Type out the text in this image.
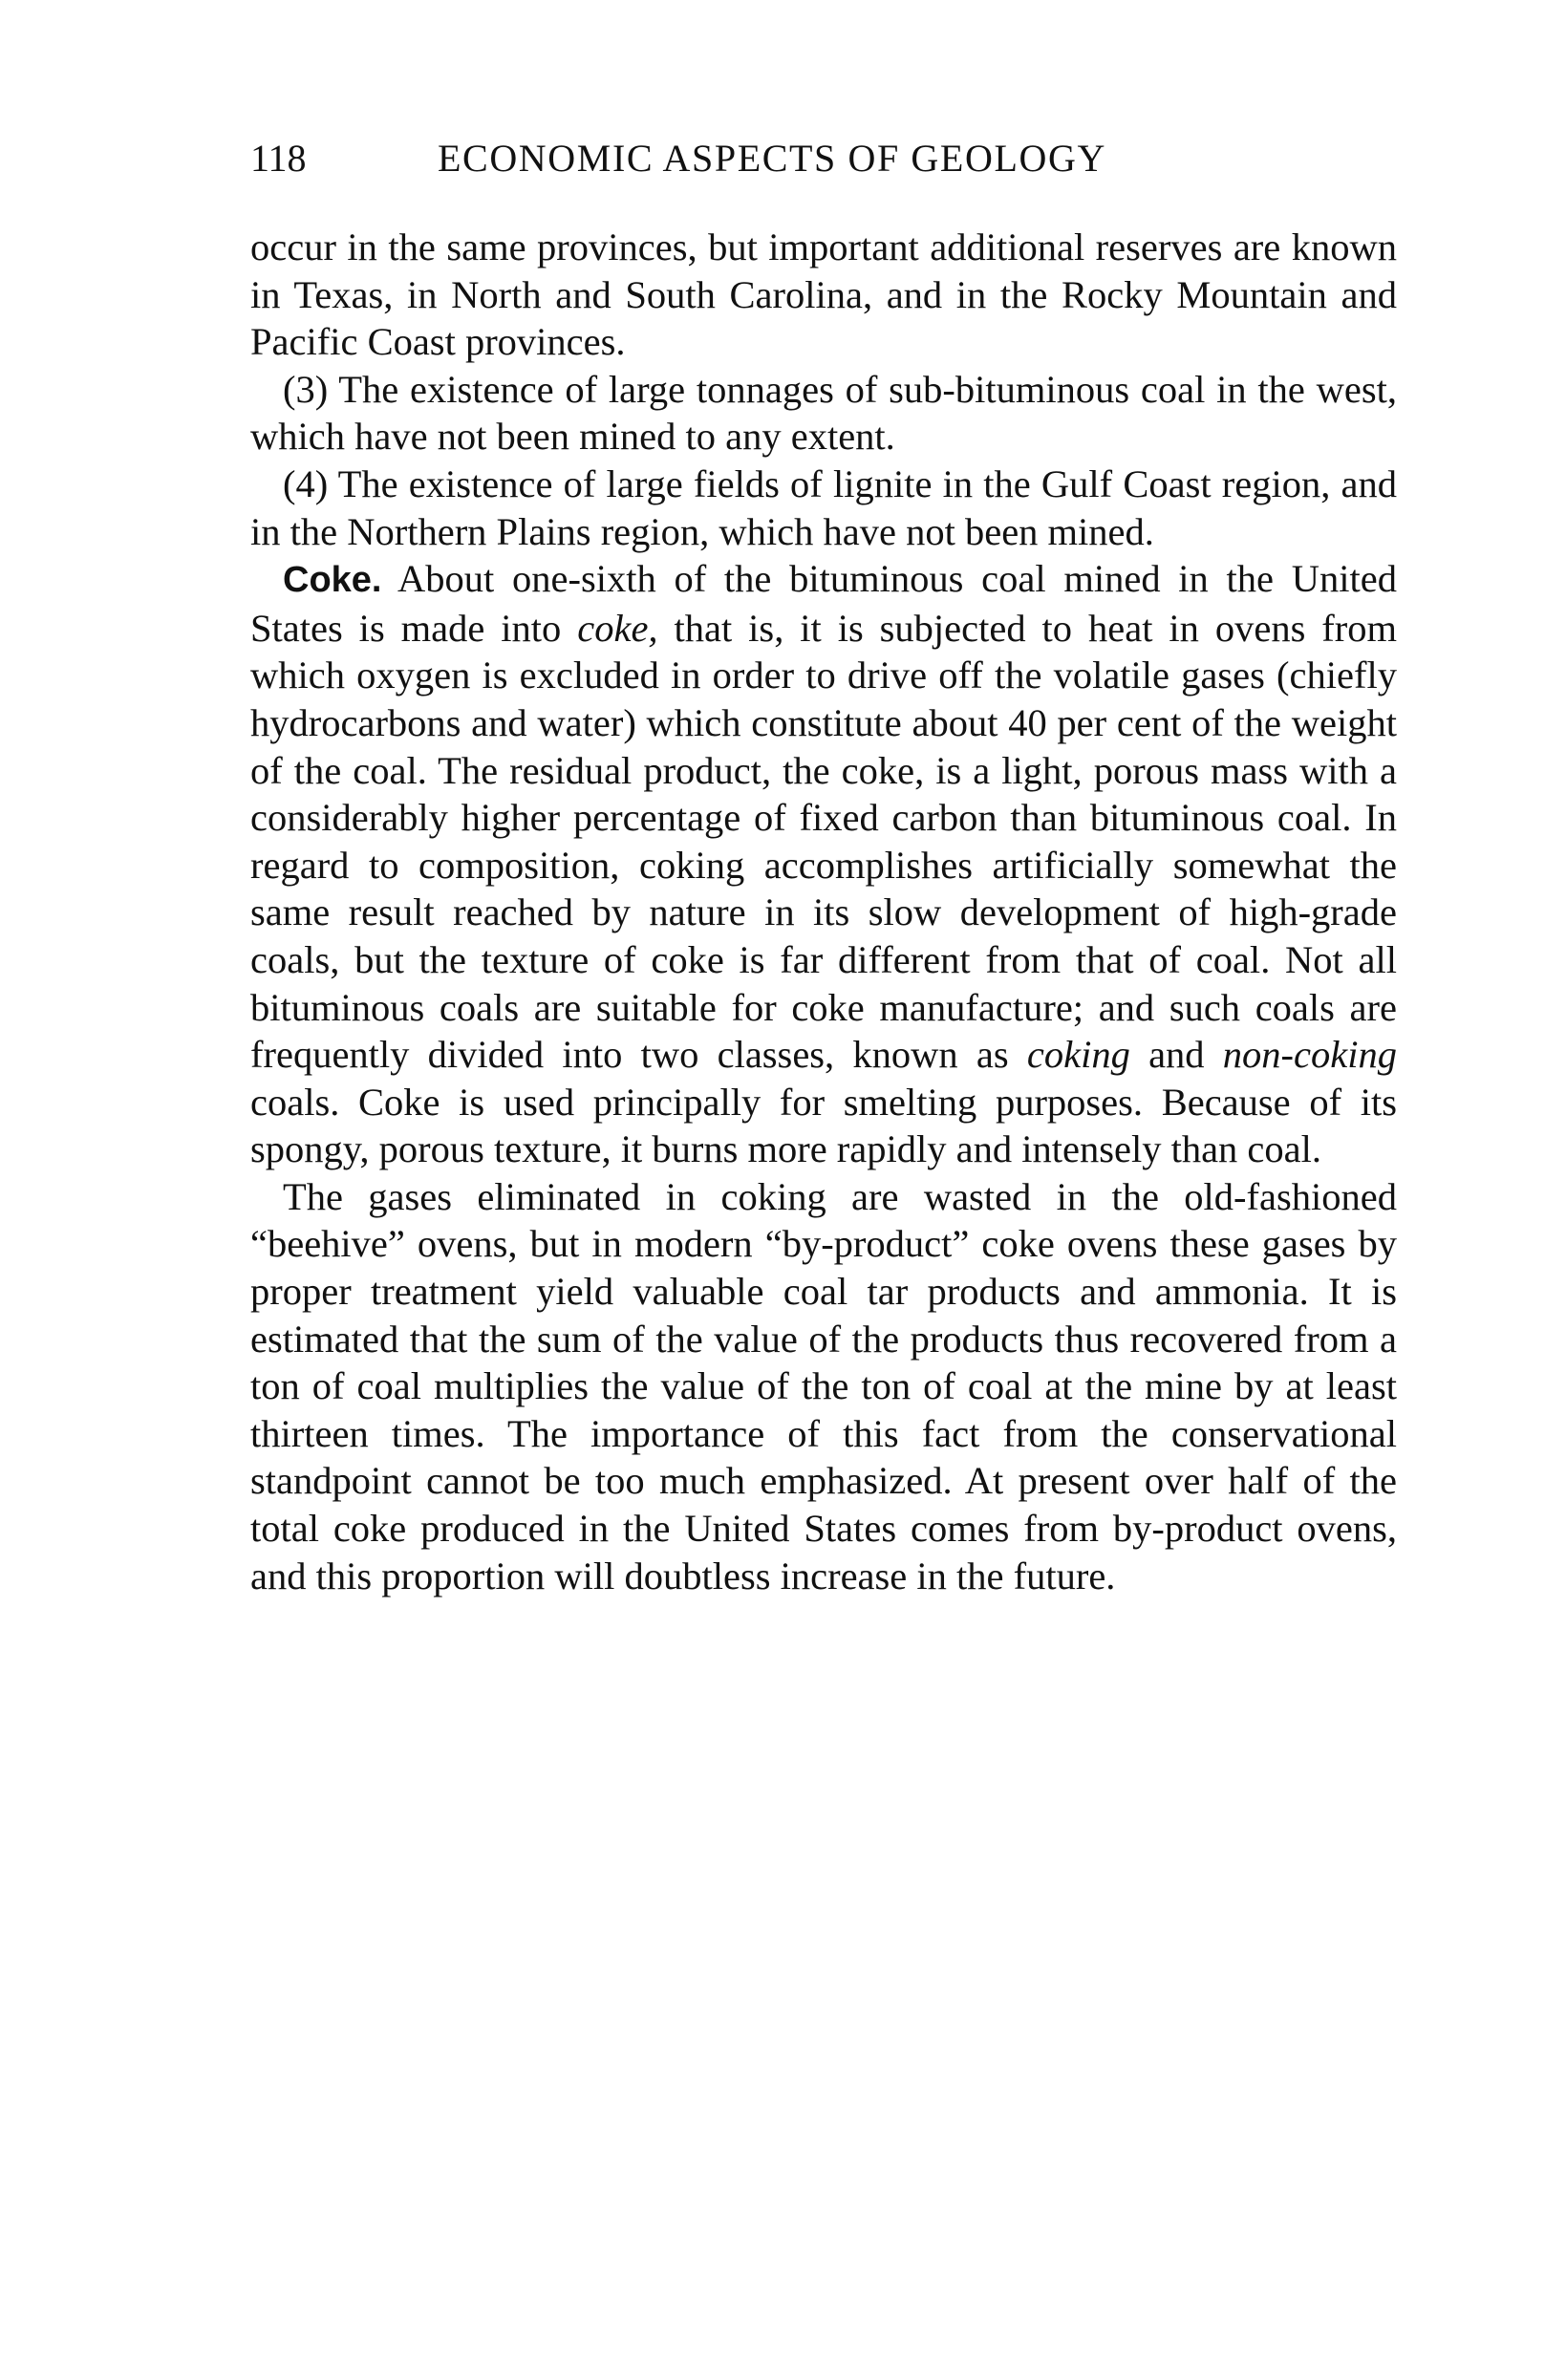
118	ECONOMIC ASPECTS OF GEOLOGY

occur in the same provinces, but important additional reserves are known in Texas, in North and South Carolina, and in the Rocky Mountain and Pacific Coast provinces.

(3) The existence of large tonnages of sub-bituminous coal in the west, which have not been mined to any extent.

(4) The existence of large fields of lignite in the Gulf Coast region, and in the Northern Plains region, which have not been mined.

Coke. About one-sixth of the bituminous coal mined in the United States is made into coke, that is, it is subjected to heat in ovens from which oxygen is excluded in order to drive off the volatile gases (chiefly hydrocarbons and water) which constitute about 40 per cent of the weight of the coal. The residual product, the coke, is a light, porous mass with a considerably higher percentage of fixed carbon than bituminous coal. In regard to composition, coking accomplishes artificially somewhat the same result reached by nature in its slow development of high-grade coals, but the texture of coke is far different from that of coal. Not all bituminous coals are suitable for coke manufacture; and such coals are frequently divided into two classes, known as coking and non-coking coals. Coke is used principally for smelting purposes. Because of its spongy, porous texture, it burns more rapidly and intensely than coal.

The gases eliminated in coking are wasted in the old-fashioned “beehive” ovens, but in modern “by-product” coke ovens these gases by proper treatment yield valuable coal tar products and ammonia. It is estimated that the sum of the value of the products thus recovered from a ton of coal multiplies the value of the ton of coal at the mine by at least thirteen times. The importance of this fact from the conservational standpoint cannot be too much emphasized. At present over half of the total coke produced in the United States comes from by-product ovens, and this proportion will doubtless increase in the future.
